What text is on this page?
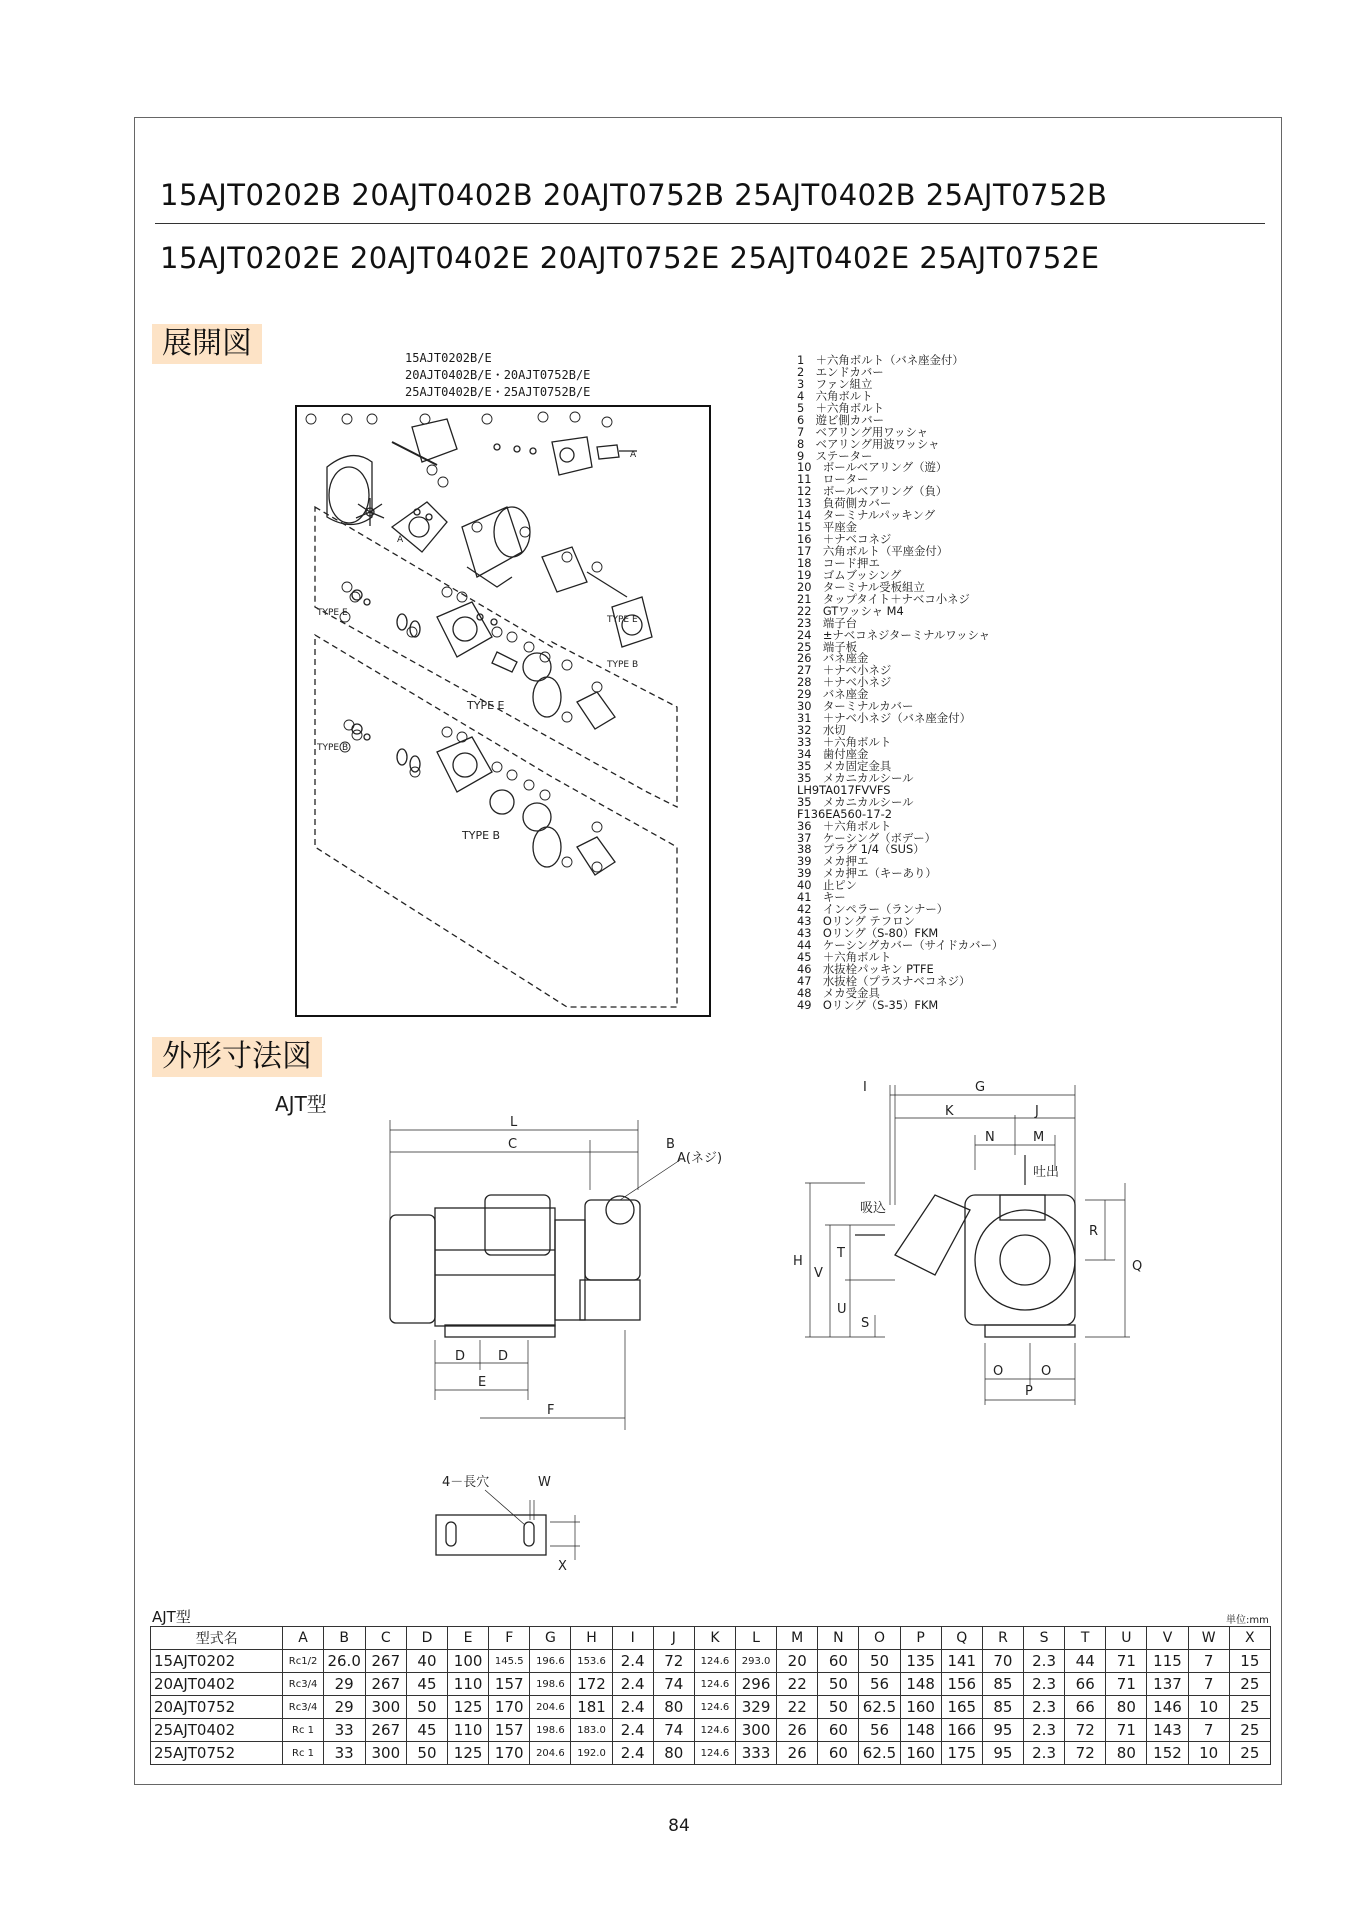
15AJT0202B 20AJT0402B 20AJT0752B 25AJT0402B 25AJT0752B
15AJT0202E 20AJT0402E 20AJT0752E 25AJT0402E 25AJT0752E
展開図	15AJT0202B/E
20AJT0402B/E・20AJT0752B/E
25AJT0402B/E・25AJT0752B/E
TYPE E
TYPE B
TYPE E
TYPE B
TYPE E
TYPE B
A
A
1　＋六角ボルト（バネ座金付）
2　エンドカバー
3　ファン組立
4　六角ボルト
5　＋六角ボルト
6　遊ビ側カバー
7　ベアリング用ワッシャ
8　ベアリング用波ワッシャ
9　ステーター
10　ボールベアリング（遊）
11　ローター
12　ボールベアリング（負）
13　負荷側カバー
14　ターミナルパッキング
15　平座金
16　＋ナベコネジ
17　六角ボルト（平座金付）
18　コード押エ
19　ゴムブッシング
20　ターミナル受板組立
21　タップタイト＋ナベコ小ネジ
22　GTワッシャ M4
23　端子台
24　±ナベコネジターミナルワッシャ
25　端子板
26　バネ座金
27　＋ナベ小ネジ
28　＋ナベ小ネジ
29　バネ座金
30　ターミナルカバー
31　＋ナベ小ネジ（バネ座金付）
32　水切
33　＋六角ボルト
34　歯付座金
35　メカ固定金具
35　メカニカルシール
LH9TA017FVVFS
35　メカニカルシール
F136EA560-17-2
36　＋六角ボルト
37　ケーシング（ボデー）
38　プラグ 1/4（SUS）
39　メカ押エ
39　メカ押エ（キーあり）
40　止ピン
41　キー
42　インペラー（ランナー）
43　Oリング テフロン
43　Oリング（S-80）FKM
44　ケーシングカバー（サイドカバー）
45　＋六角ボルト
46　水抜栓パッキン PTFE
47　水抜栓（プラスナベコネジ）
48　メカ受金具
49　Oリング（S-35）FKM
外形寸法図
AJT型
L
C	B
A(ネジ)
D	D
E
F
I	G
K	J
N	M
吐出
吸込
H
V
T
U
S
R
Q
O	O
P
4－長穴	W
X
AJT型	単位:mm
型式名	A	B	C	D	E	F	G	H	I	J	K	L	M	N	O	P	Q	R	S	T	U	V	W	X
15AJT0202	Rc1/2	26.0	267	40	100	145.5	196.6	153.6	2.4	72	124.6	293.0	20	60	50	135	141	70	2.3	44	71	115	7	15
20AJT0402	Rc3/4	29	267	45	110	157	198.6	172	2.4	74	124.6	296	22	50	56	148	156	85	2.3	66	71	137	7	25
20AJT0752	Rc3/4	29	300	50	125	170	204.6	181	2.4	80	124.6	329	22	50	62.5	160	165	85	2.3	66	80	146	10	25
25AJT0402	Rc 1	33	267	45	110	157	198.6	183.0	2.4	74	124.6	300	26	60	56	148	166	95	2.3	72	71	143	7	25
25AJT0752	Rc 1	33	300	50	125	170	204.6	192.0	2.4	80	124.6	333	26	60	62.5	160	175	95	2.3	72	80	152	10	25
84
